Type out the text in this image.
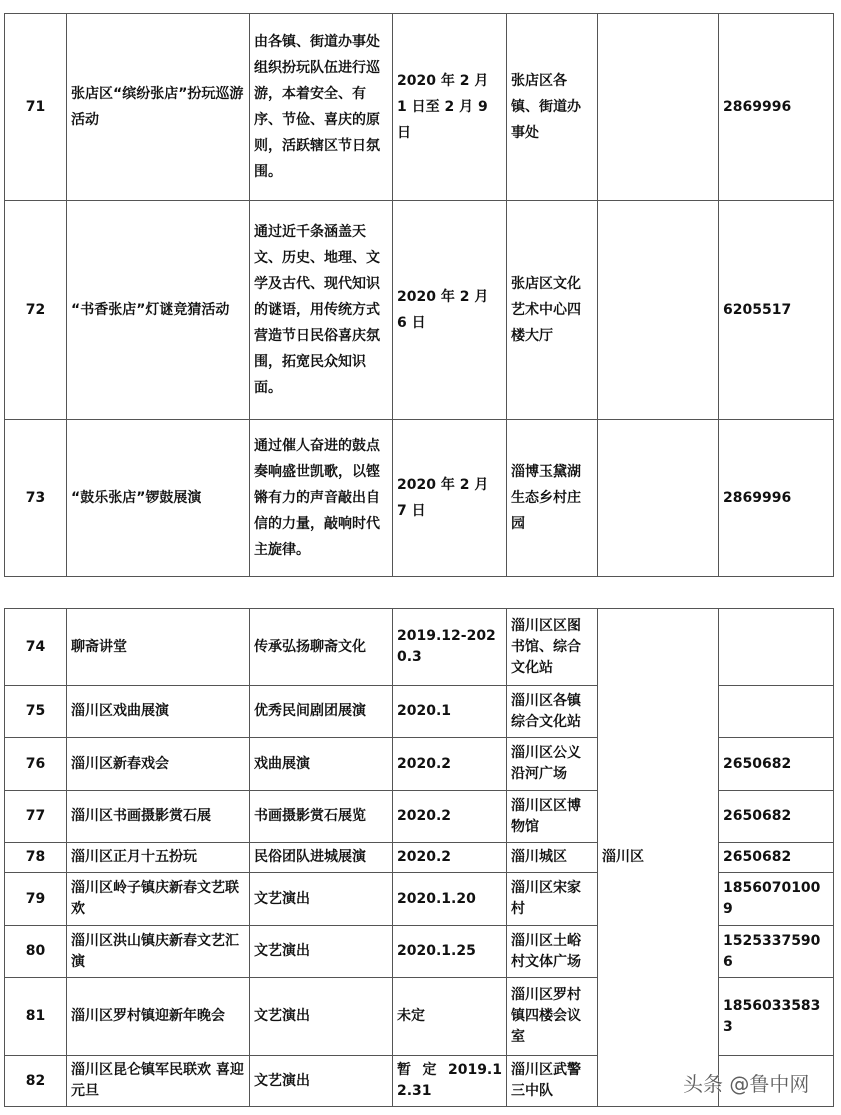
71	张店区“缤纷张店”扮玩巡游活动	由各镇、街道办事处组织扮玩队伍进行巡游，本着安全、有序、节俭、喜庆的原则，活跃辖区节日氛围。	2020 年 2 月 1 日至 2 月 9 日	张店区各镇、街道办事处		2869996
72	“书香张店”灯谜竞猜活动	通过近千条涵盖天文、历史、地理、文学及古代、现代知识的谜语，用传统方式营造节日民俗喜庆氛围，拓宽民众知识面。	2020 年 2 月 6 日	张店区文化艺术中心四楼大厅		6205517
73	“鼓乐张店”锣鼓展演	通过催人奋进的鼓点奏响盛世凯歌，以铿锵有力的声音敲出自信的力量，敲响时代主旋律。	2020 年 2 月 7 日	淄博玉黛湖生态乡村庄园		2869996
74	聊斋讲堂	传承弘扬聊斋文化	2019.12-2020.3	淄川区区图书馆、综合文化站	淄川区	
75	淄川区戏曲展演	优秀民间剧团展演	2020.1	淄川区各镇综合文化站		
76	淄川区新春戏会	戏曲展演	2020.2	淄川区公义沿河广场		2650682
77	淄川区书画摄影赏石展	书画摄影赏石展览	2020.2	淄川区区博物馆		2650682
78	淄川区正月十五扮玩	民俗团队进城展演	2020.2	淄川城区		2650682
79	淄川区岭子镇庆新春文艺联欢	文艺演出	2020.1.20	淄川区宋家村		18560701009
80	淄川区洪山镇庆新春文艺汇演	文艺演出	2020.1.25	淄川区土峪村文体广场		15253375906
81	淄川区罗村镇迎新年晚会	文艺演出	未定	淄川区罗村镇四楼会议室		18560335833
82	淄川区昆仑镇军民联欢 喜迎元旦	文艺演出	暂 定 2019.12.31	淄川区武警三中队			头条 @鲁中网
